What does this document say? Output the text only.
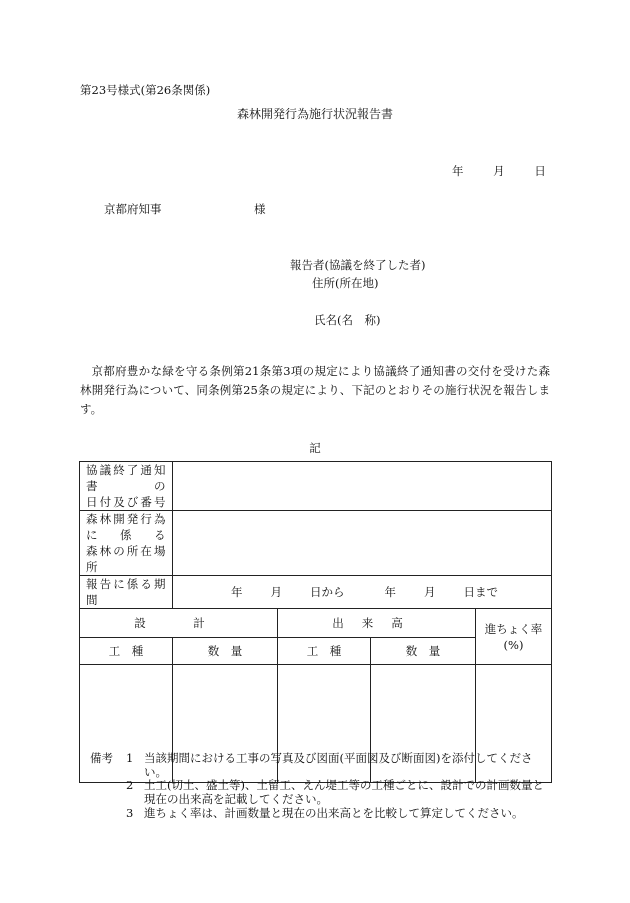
第23号様式(第26条関係)
森林開発行為施行状況報告書
年	月	日
京都府知事	様
報告者(協議を終了した者)
住所(所在地)
氏名(名　称)
京都府豊かな緑を守る条例第21条第3項の規定により協議終了通知書の交付を受けた森林開発行為について、同条例第25条の規定により、下記のとおりその施行状況を報告します。
記
協議終了通知書の
日付及び番号				

森林開発行為に係る
森林の所在場所				

報告に係る期間	年 月 日から 年 月 日まで			
設　計		出来高		進ちょく率
(%)

工　種	数　量	工　種	数　量	

備考 1 当該期間における工事の写真及び図面(平面図及び断面図)を添付してください。
2 土工(切土、盛土等)、土留工、えん堤工等の工種ごとに、設計での計画数量と現在の出来高を記載してください。
3 進ちょく率は、計画数量と現在の出来高とを比較して算定してください。
